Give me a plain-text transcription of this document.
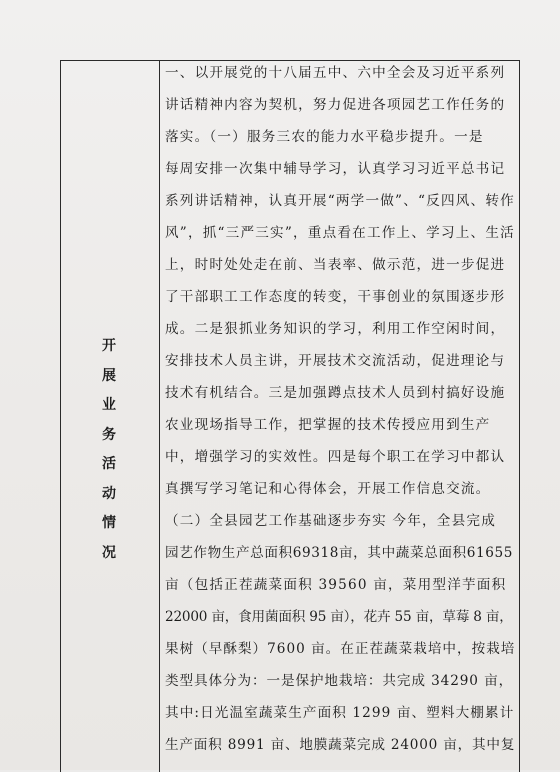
开
展
业
务
活
动
情
况
一、以开展党的十八届五中、六中全会及习近平系列
讲话精神内容为契机，努力促进各项园艺工作任务的
落实。（一）服务三农的能力水平稳步提升。一是
每周安排一次集中辅导学习，认真学习习近平总书记
系列讲话精神，认真开展“两学一做”、“反四风、转作
风”，抓“三严三实”，重点看在工作上、学习上、生活
上，时时处处走在前、当表率、做示范，进一步促进
了干部职工工作态度的转变，干事创业的氛围逐步形
成。二是狠抓业务知识的学习，利用工作空闲时间，
安排技术人员主讲，开展技术交流活动，促进理论与
技术有机结合。三是加强蹲点技术人员到村搞好设施
农业现场指导工作，把掌握的技术传授应用到生产
中，增强学习的实效性。四是每个职工在学习中都认
真撰写学习笔记和心得体会，开展工作信息交流。
（二）全县园艺工作基础逐步夯实 今年，全县完成
园艺作物生产总面积69318亩，其中蔬菜总面积61655
亩（包括正茬蔬菜面积 39560 亩，菜用型洋芋面积
22000 亩，食用菌面积 95 亩），花卉 55 亩，草莓 8 亩，
果树（早酥梨）7600 亩。在正茬蔬菜栽培中，按栽培
类型具体分为：一是保护地栽培：共完成 34290 亩，
其中:日光温室蔬菜生产面积 1299 亩、塑料大棚累计
生产面积 8991 亩、地膜蔬菜完成 24000 亩，其中复
